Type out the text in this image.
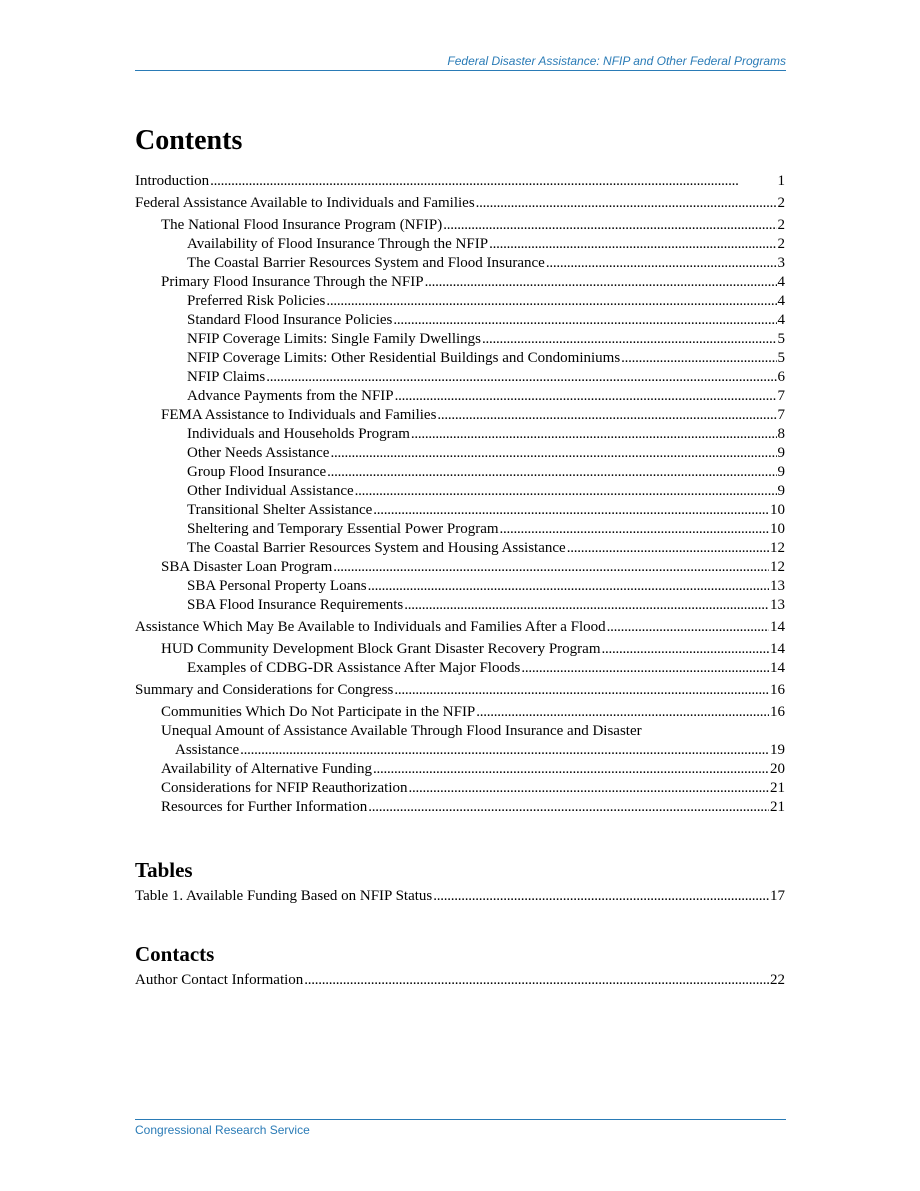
Federal Disaster Assistance: NFIP and Other Federal Programs
Contents
Introduction . . .	1
Federal Assistance Available to Individuals and Families . . .	2
The National Flood Insurance Program (NFIP) . . .	2
Availability of Flood Insurance Through the NFIP . . .	2
The Coastal Barrier Resources System and Flood Insurance . . .	3
Primary Flood Insurance Through the NFIP . . .	4
Preferred Risk Policies . . .	4
Standard Flood Insurance Policies . . .	4
NFIP Coverage Limits: Single Family Dwellings . . .	5
NFIP Coverage Limits: Other Residential Buildings and Condominiums . . .	5
NFIP Claims . . .	6
Advance Payments from the NFIP . . .	7
FEMA Assistance to Individuals and Families . . .	7
Individuals and Households Program . . .	8
Other Needs Assistance . . .	9
Group Flood Insurance . . .	9
Other Individual Assistance . . .	9
Transitional Shelter Assistance . . .	10
Sheltering and Temporary Essential Power Program . . .	10
The Coastal Barrier Resources System and Housing Assistance . . .	12
SBA Disaster Loan Program . . .	12
SBA Personal Property Loans . . .	13
SBA Flood Insurance Requirements . . .	13
Assistance Which May Be Available to Individuals and Families After a Flood . . .	14
HUD Community Development Block Grant Disaster Recovery Program . . .	14
Examples of CDBG-DR Assistance After Major Floods . . .	14
Summary and Considerations for Congress . . .	16
Communities Which Do Not Participate in the NFIP . . .	16
Unequal Amount of Assistance Available Through Flood Insurance and Disaster
Assistance . . .	19
Availability of Alternative Funding . . .	20
Considerations for NFIP Reauthorization . . .	21
Resources for Further Information . . .	21
Tables
Table 1. Available Funding Based on NFIP Status . . .	17
Contacts
Author Contact Information . . .	22
Congressional Research Service
